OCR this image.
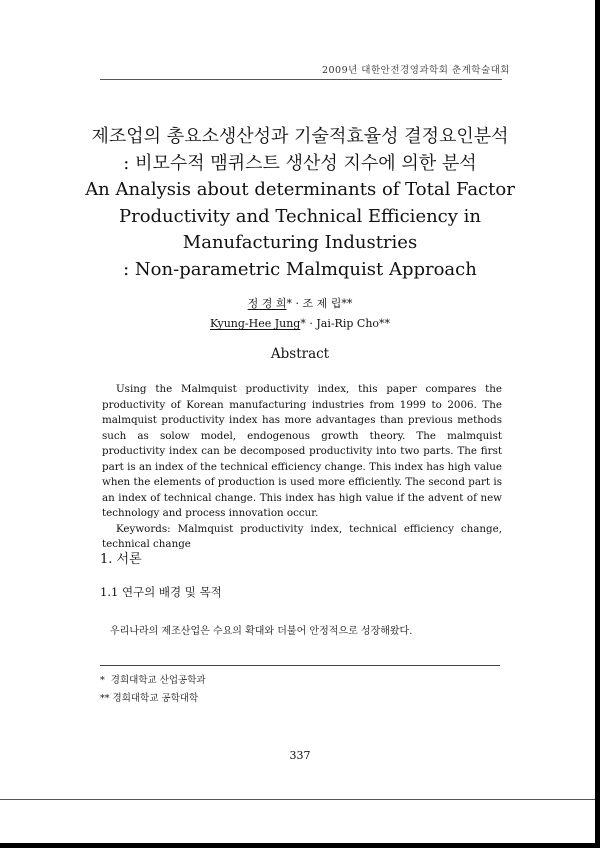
2009년 대한안전경영과학회 춘계학술대회
제조업의 총요소생산성과 기술적효율성 결정요인분석
: 비모수적 맴퀴스트 생산성 지수에 의한 분석
An Analysis about determinants of Total Factor
Productivity and Technical Efficiency in
Manufacturing Industries
: Non-parametric Malmquist Approach
정 경 희* · 조 제 립**
Kyung-Hee Jung* · Jai-Rip Cho**
Abstract

Using the Malmquist productivity index, this paper compares the productivity of Korean manufacturing industries from 1999 to 2006. The malmquist productivity index has more advantages than previous methods such as solow model, endogenous growth theory. The malmquist productivity index can be decomposed productivity into two parts. The first part is an index of the technical efficiency change. This index has high value when the elements of production is used more efficiently. The second part is an index of technical change. This index has high value if the advent of new technology and process innovation occur.

Keywords: Malmquist productivity index, technical efficiency change, technical change

1. 서론
1.1 연구의 배경 및 목적
우리나라의 제조산업은 수요의 확대와 더불어 안정적으로 성장해왔다.
* 경희대학교 산업공학과
** 경희대학교 공학대학
337
